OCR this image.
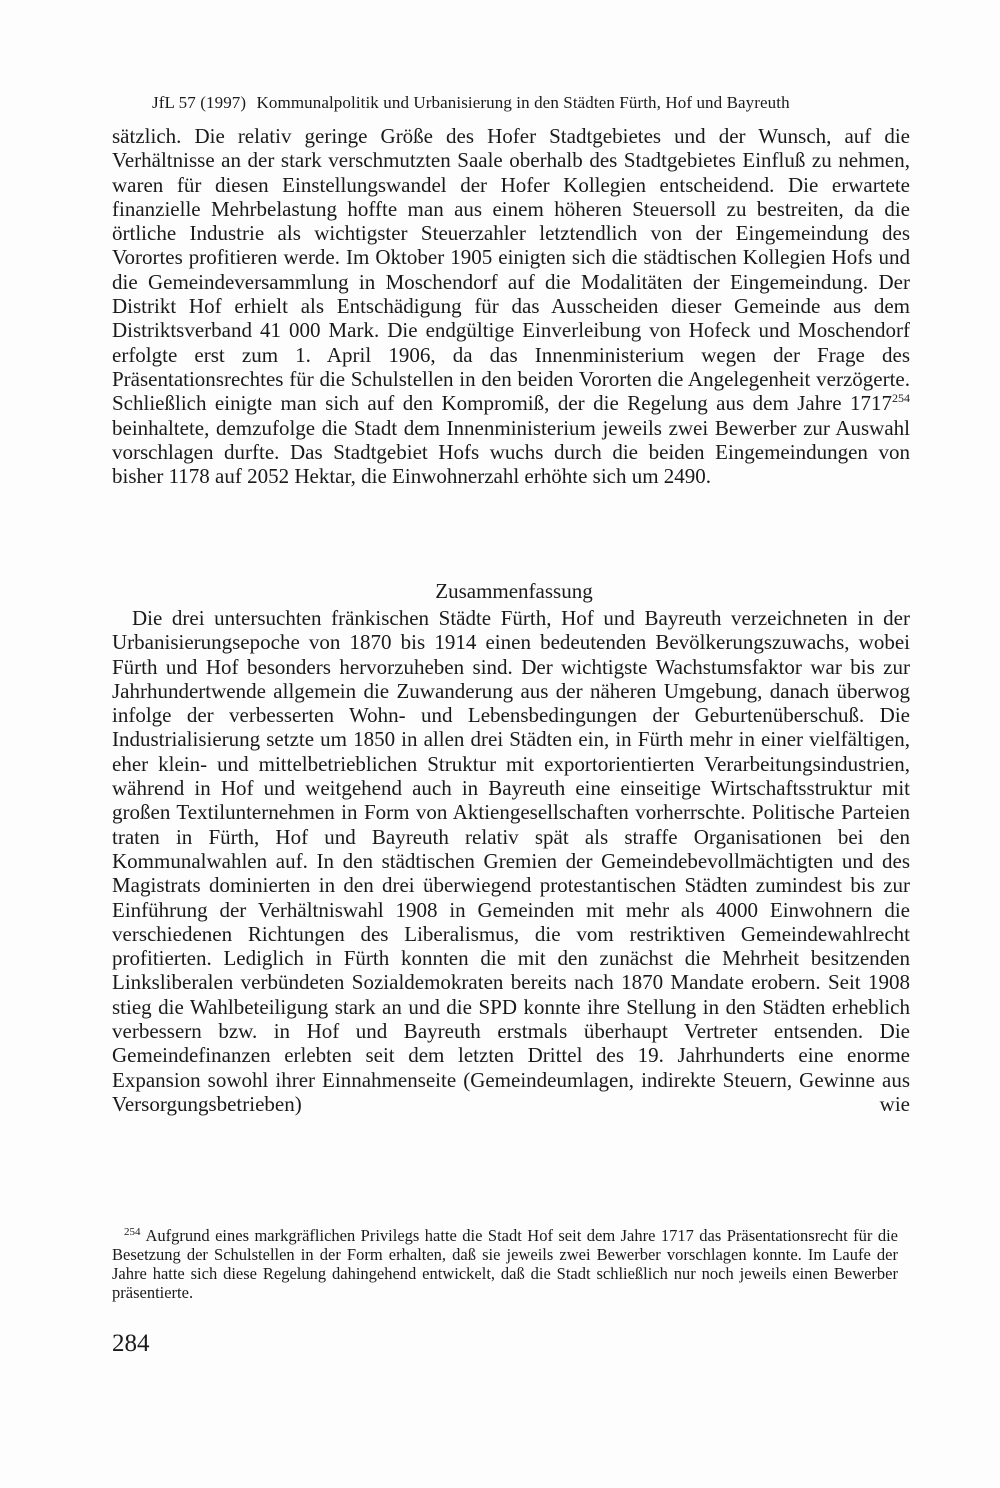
JfL 57 (1997) Kommunalpolitik und Urbanisierung in den Städten Fürth, Hof und Bayreuth

sätzlich. Die relativ geringe Größe des Hofer Stadtgebietes und der Wunsch, auf die Verhältnisse an der stark verschmutzten Saale oberhalb des Stadtgebietes Einfluß zu nehmen, waren für diesen Einstellungswandel der Hofer Kollegien entscheidend. Die erwartete finanzielle Mehrbelastung hoffte man aus einem höheren Steuersoll zu bestreiten, da die örtliche Industrie als wichtigster Steuerzahler letztendlich von der Eingemeindung des Vorortes profitieren werde. Im Oktober 1905 einigten sich die städtischen Kollegien Hofs und die Gemeindeversammlung in Moschendorf auf die Modalitäten der Eingemeindung. Der Distrikt Hof erhielt als Entschädigung für das Ausscheiden dieser Gemeinde aus dem Distriktsverband 41 000 Mark. Die endgültige Einverleibung von Hofeck und Moschendorf erfolgte erst zum 1. April 1906, da das Innenministerium wegen der Frage des Präsentationsrechtes für die Schulstellen in den beiden Vororten die Angelegenheit verzögerte. Schließlich einigte man sich auf den Kompromiß, der die Regelung aus dem Jahre 1717$^{254}$ beinhaltete, demzufolge die Stadt dem Innenministerium jeweils zwei Bewerber zur Auswahl vorschlagen durfte. Das Stadtgebiet Hofs wuchs durch die beiden Eingemeindungen von bisher 1178 auf 2052 Hektar, die Einwohnerzahl erhöhte sich um 2490.

Zusammenfassung

Die drei untersuchten fränkischen Städte Fürth, Hof und Bayreuth verzeichneten in der Urbanisierungsepoche von 1870 bis 1914 einen bedeutenden Bevölkerungszuwachs, wobei Fürth und Hof besonders hervorzuheben sind. Der wichtigste Wachstumsfaktor war bis zur Jahrhundertwende allgemein die Zuwanderung aus der näheren Umgebung, danach überwog infolge der verbesserten Wohn- und Lebensbedingungen der Geburtenüberschuß. Die Industrialisierung setzte um 1850 in allen drei Städten ein, in Fürth mehr in einer vielfältigen, eher klein- und mittelbetrieblichen Struktur mit exportorientierten Verarbeitungsindustrien, während in Hof und weitgehend auch in Bayreuth eine einseitige Wirtschaftsstruktur mit großen Textilunternehmen in Form von Aktiengesellschaften vorherrschte. Politische Parteien traten in Fürth, Hof und Bayreuth relativ spät als straffe Organisationen bei den Kommunalwahlen auf. In den städtischen Gremien der Gemeindebevollmächtigten und des Magistrats dominierten in den drei überwiegend protestantischen Städten zumindest bis zur Einführung der Verhältniswahl 1908 in Gemeinden mit mehr als 4000 Einwohnern die verschiedenen Richtungen des Liberalismus, die vom restriktiven Gemeindewahlrecht profitierten. Lediglich in Fürth konnten die mit den zunächst die Mehrheit besitzenden Linksliberalen verbündeten Sozialdemokraten bereits nach 1870 Mandate erobern. Seit 1908 stieg die Wahlbeteiligung stark an und die SPD konnte ihre Stellung in den Städten erheblich verbessern bzw. in Hof und Bayreuth erstmals überhaupt Vertreter entsenden. Die Gemeindefinanzen erlebten seit dem letzten Drittel des 19. Jahrhunderts eine enorme Expansion sowohl ihrer Einnahmenseite (Gemeindeumlagen, indirekte Steuern, Gewinne aus Versorgungsbetrieben) wie

$^{254}$ Aufgrund eines markgräflichen Privilegs hatte die Stadt Hof seit dem Jahre 1717 das Präsentationsrecht für die Besetzung der Schulstellen in der Form erhalten, daß sie jeweils zwei Bewerber vorschlagen konnte. Im Laufe der Jahre hatte sich diese Regelung dahingehend entwickelt, daß die Stadt schließlich nur noch jeweils einen Bewerber präsentierte.
284
